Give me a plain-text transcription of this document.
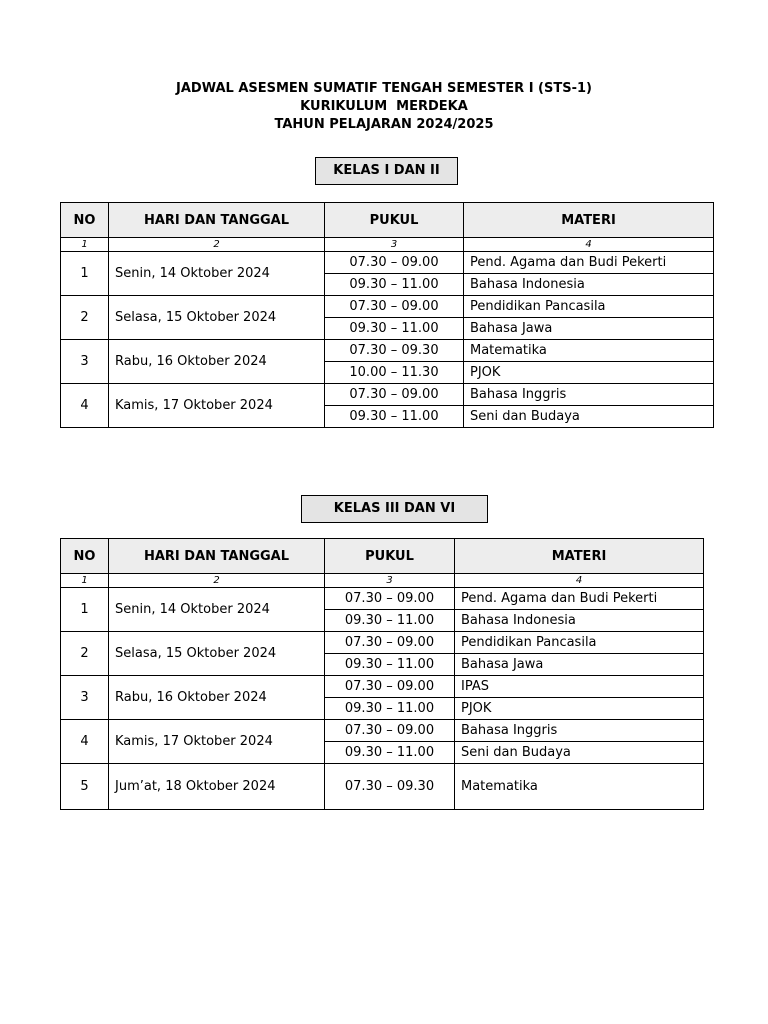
JADWAL ASESMEN SUMATIF TENGAH SEMESTER I (STS-1)
KURIKULUM  MERDEKA
TAHUN PELAJARAN 2024/2025
KELAS I DAN II
NO	HARI DAN TANGGAL	PUKUL	MATERI
1	2	3	4
1	Senin, 14 Oktober 2024	07.30 – 09.00	Pend. Agama dan Budi Pekerti
		09.30 – 11.00	Bahasa Indonesia
2	Selasa, 15 Oktober 2024	07.30 – 09.00	Pendidikan Pancasila
		09.30 – 11.00	Bahasa Jawa
3	Rabu, 16 Oktober 2024	07.30 – 09.30	Matematika
		10.00 – 11.30	PJOK
4	Kamis, 17 Oktober 2024	07.30 – 09.00	Bahasa Inggris
		09.30 – 11.00	Seni dan Budaya
KELAS III DAN VI
NO	HARI DAN TANGGAL	PUKUL	MATERI
1	2	3	4
1	Senin, 14 Oktober 2024	07.30 – 09.00	Pend. Agama dan Budi Pekerti
		09.30 – 11.00	Bahasa Indonesia
2	Selasa, 15 Oktober 2024	07.30 – 09.00	Pendidikan Pancasila
		09.30 – 11.00	Bahasa Jawa
3	Rabu, 16 Oktober 2024	07.30 – 09.00	IPAS
		09.30 – 11.00	PJOK
4	Kamis, 17 Oktober 2024	07.30 – 09.00	Bahasa Inggris
		09.30 – 11.00	Seni dan Budaya
5	Jum’at, 18 Oktober 2024	07.30 – 09.30	Matematika
